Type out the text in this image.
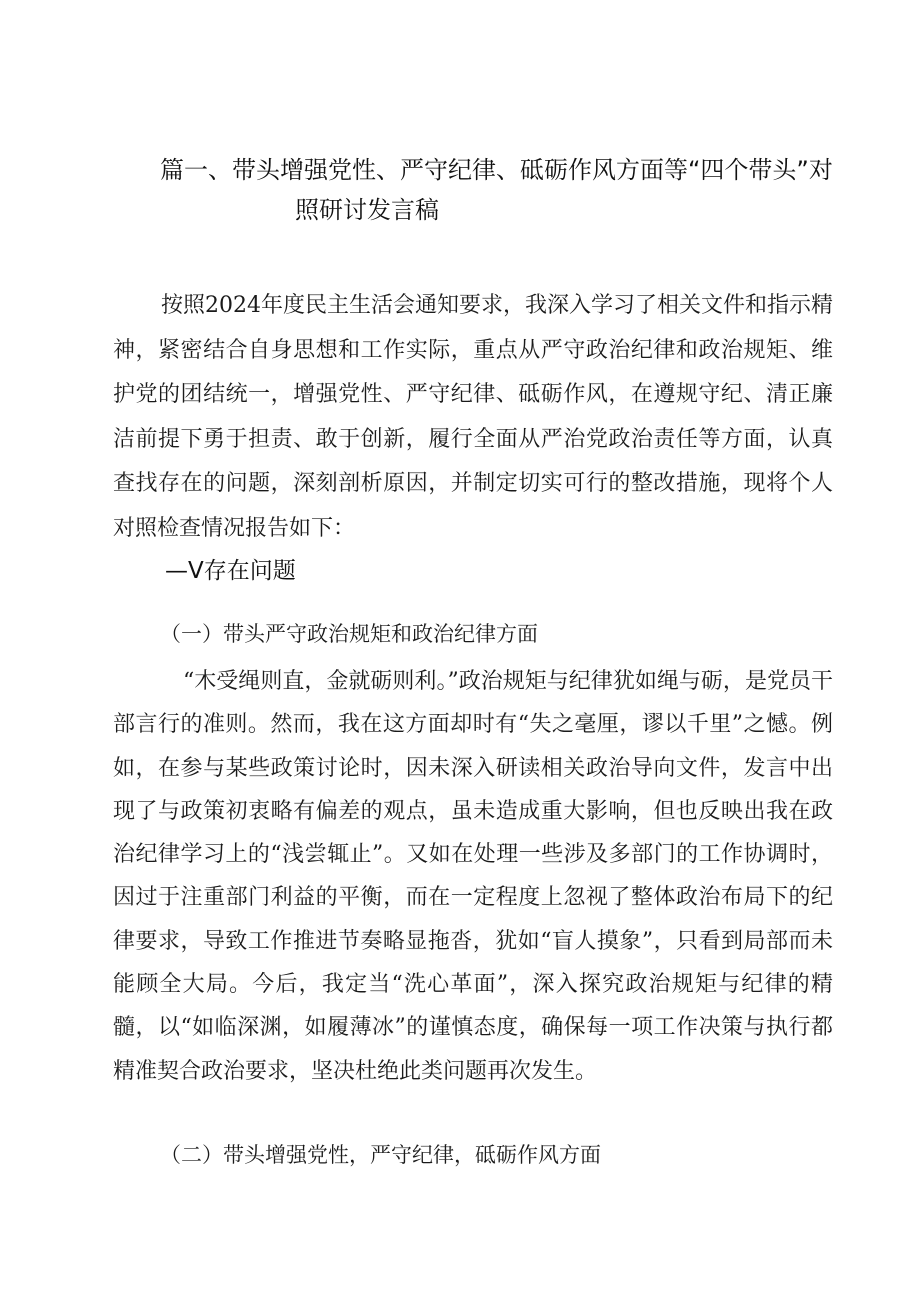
篇一、带头增强党性、严守纪律、砥砺作风方面等“四个带头”对
照研讨发言稿

按照2024年度民主生活会通知要求，我深入学习了相关文件和指示精神，紧密结合自身思想和工作实际，重点从严守政治纪律和政治规矩、维护党的团结统一，增强党性、严守纪律、砥砺作风，在遵规守纪、清正廉洁前提下勇于担责、敢于创新，履行全面从严治党政治责任等方面，认真查找存在的问题，深刻剖析原因，并制定切实可行的整改措施，现将个人对照检查情况报告如下：

—V存在问题
（一）带头严守政治规矩和政治纪律方面

“木受绳则直，金就砺则利。”政治规矩与纪律犹如绳与砺，是党员干部言行的准则。然而，我在这方面却时有“失之毫厘，谬以千里”之憾。例如，在参与某些政策讨论时，因未深入研读相关政治导向文件，发言中出现了与政策初衷略有偏差的观点，虽未造成重大影响，但也反映出我在政治纪律学习上的“浅尝辄止”。又如在处理一些涉及多部门的工作协调时，因过于注重部门利益的平衡，而在一定程度上忽视了整体政治布局下的纪律要求，导致工作推进节奏略显拖沓，犹如“盲人摸象”，只看到局部而未能顾全大局。今后，我定当“洗心革面”，深入探究政治规矩与纪律的精髓，以“如临深渊，如履薄冰”的谨慎态度，确保每一项工作决策与执行都精准契合政治要求，坚决杜绝此类问题再次发生。

（二）带头增强党性，严守纪律，砥砺作风方面
